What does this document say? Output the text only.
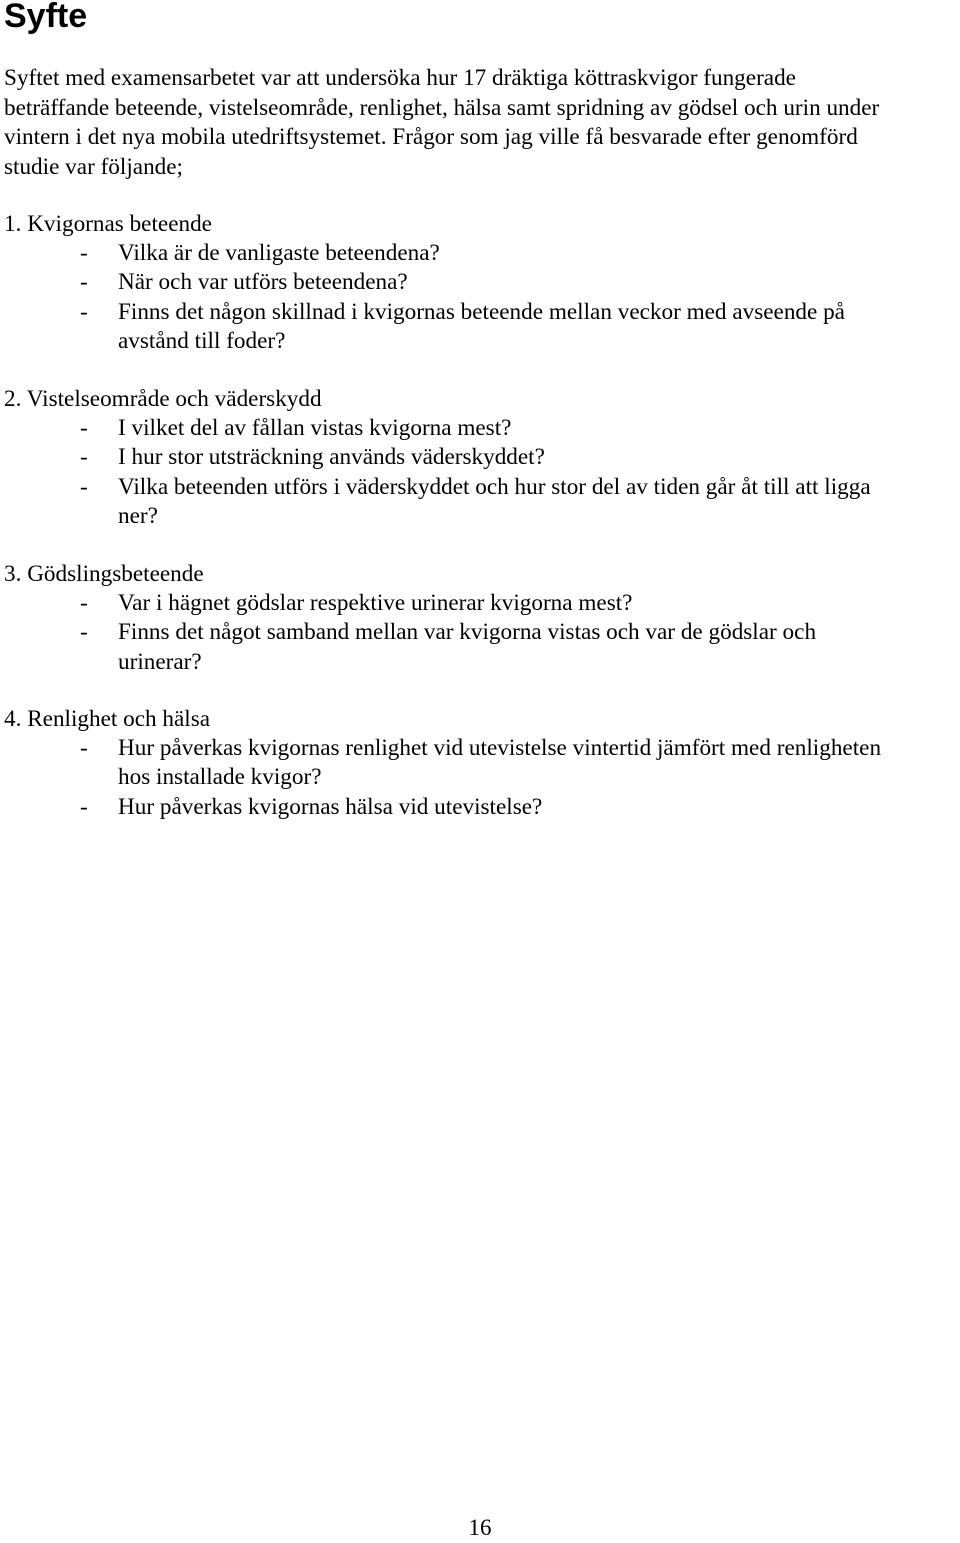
Syfte

Syftet med examensarbetet var att undersöka hur 17 dräktiga köttraskvigor fungerade
beträffande beteende, vistelseområde, renlighet, hälsa samt spridning av gödsel och urin under
vintern i det nya mobila utedriftsystemet. Frågor som jag ville få besvarade efter genomförd
studie var följande;

1. Kvigornas beteende
- Vilka är de vanligaste beteendena?
- När och var utförs beteendena?
- Finns det någon skillnad i kvigornas beteende mellan veckor med avseende på
avstånd till foder?
2. Vistelseområde och väderskydd
- I vilket del av fållan vistas kvigorna mest?
- I hur stor utsträckning används väderskyddet?
- Vilka beteenden utförs i väderskyddet och hur stor del av tiden går åt till att ligga
ner?
3. Gödslingsbeteende
- Var i hägnet gödslar respektive urinerar kvigorna mest?
- Finns det något samband mellan var kvigorna vistas och var de gödslar och
urinerar?
4. Renlighet och hälsa
- Hur påverkas kvigornas renlighet vid utevistelse vintertid jämfört med renligheten
hos installade kvigor?
- Hur påverkas kvigornas hälsa vid utevistelse?
16
